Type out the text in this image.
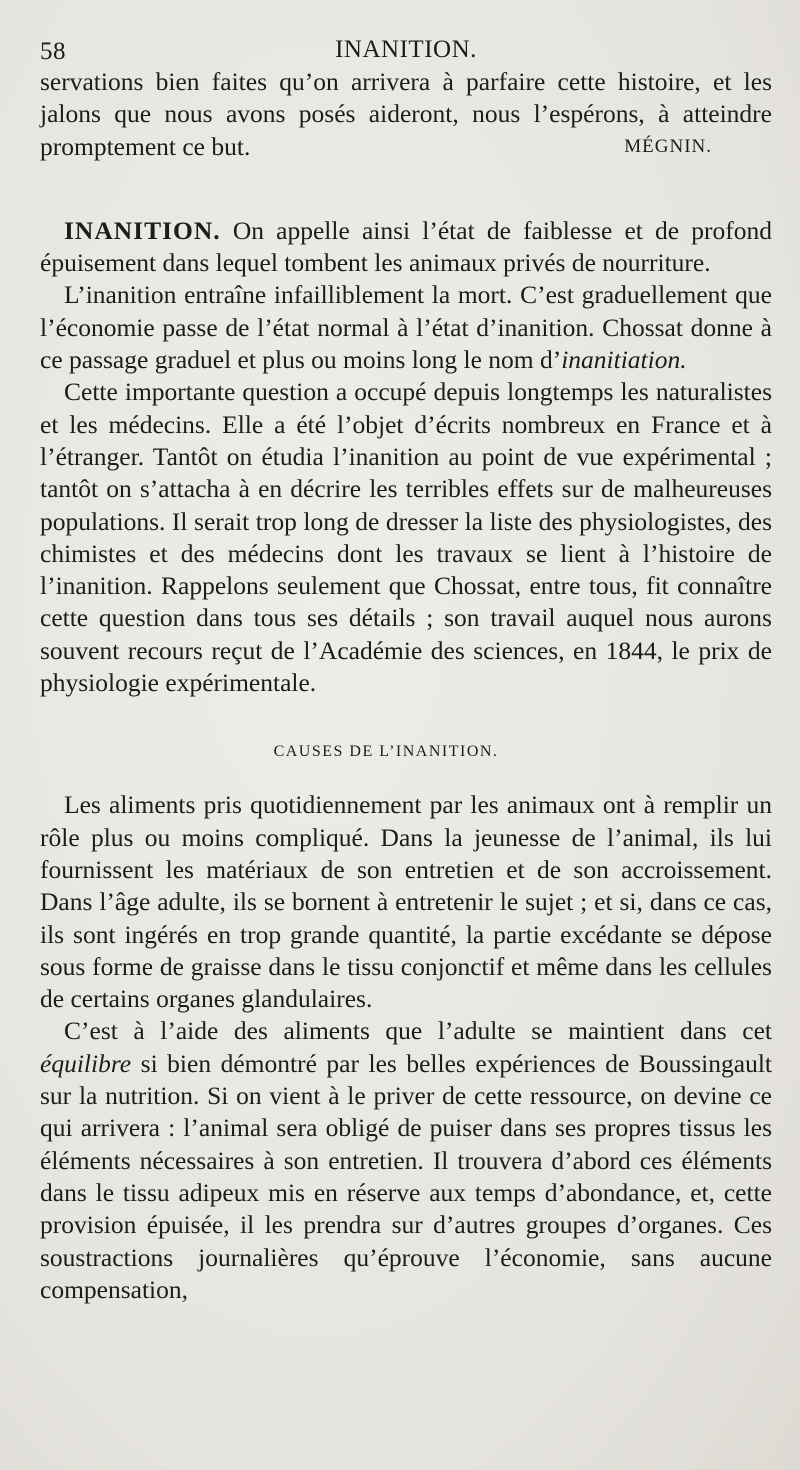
58	INANITION.

servations bien faites qu’on arrivera à parfaire cette histoire, et les jalons que nous avons posés aideront, nous l’espérons, à atteindre promptement ce but.	MÉGNIN.

INANITION. On appelle ainsi l’état de faiblesse et de profond épuisement dans lequel tombent les animaux privés de nourriture.

L’inanition entraîne infailliblement la mort. C’est graduellement que l’économie passe de l’état normal à l’état d’inanition. Chossat donne à ce passage graduel et plus ou moins long le nom d’inanitiation.

Cette importante question a occupé depuis longtemps les naturalistes et les médecins. Elle a été l’objet d’écrits nombreux en France et à l’étranger. Tantôt on étudia l’inanition au point de vue expérimental ; tantôt on s’attacha à en décrire les terribles effets sur de malheureuses populations. Il serait trop long de dresser la liste des physiologistes, des chimistes et des médecins dont les travaux se lient à l’histoire de l’inanition. Rappelons seulement que Chossat, entre tous, fit connaître cette question dans tous ses détails ; son travail auquel nous aurons souvent recours reçut de l’Académie des sciences, en 1844, le prix de physiologie expérimentale.

CAUSES DE L’INANITION.

Les aliments pris quotidiennement par les animaux ont à remplir un rôle plus ou moins compliqué. Dans la jeunesse de l’animal, ils lui fournissent les matériaux de son entretien et de son accroissement. Dans l’âge adulte, ils se bornent à entretenir le sujet ; et si, dans ce cas, ils sont ingérés en trop grande quantité, la partie excédante se dépose sous forme de graisse dans le tissu conjonctif et même dans les cellules de certains organes glandulaires.

C’est à l’aide des aliments que l’adulte se maintient dans cet équilibre si bien démontré par les belles expériences de Boussingault sur la nutrition. Si on vient à le priver de cette ressource, on devine ce qui arrivera : l’animal sera obligé de puiser dans ses propres tissus les éléments nécessaires à son entretien. Il trouvera d’abord ces éléments dans le tissu adipeux mis en réserve aux temps d’abondance, et, cette provision épuisée, il les prendra sur d’autres groupes d’organes. Ces soustractions journalières qu’éprouve l’économie, sans aucune compensation,
